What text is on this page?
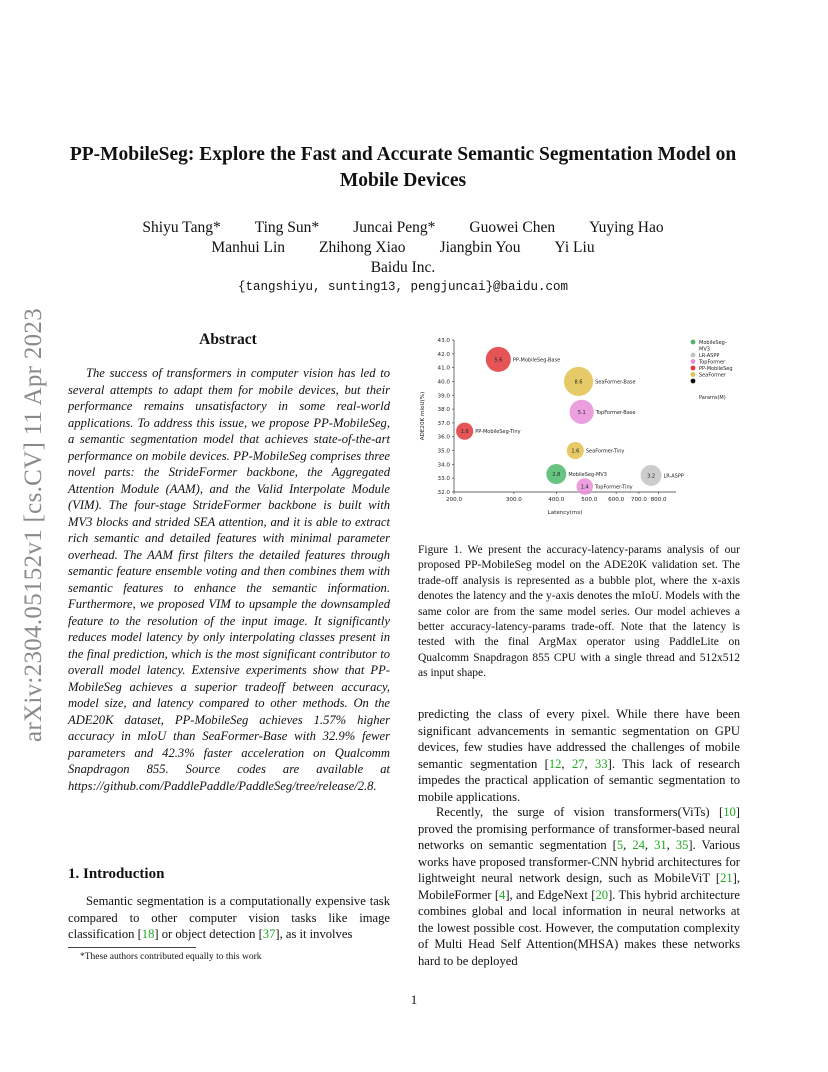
arXiv:2304.05152v1 [cs.CV] 11 Apr 2023
PP-MobileSeg: Explore the Fast and Accurate Semantic Segmentation Model on
Mobile Devices
Shiyu Tang* Ting Sun* Juncai Peng* Guowei Chen Yuying Hao
Manhui Lin Zhihong Xiao Jiangbin You Yi Liu
Baidu Inc.
{tangshiyu, sunting13, pengjuncai}@baidu.com
Abstract
The success of transformers in computer vision has led to several attempts to adapt them for mobile devices, but their performance remains unsatisfactory in some real-world applications. To address this issue, we propose PP-MobileSeg, a semantic segmentation model that achieves state-of-the-art performance on mobile devices. PP-MobileSeg comprises three novel parts: the StrideFormer backbone, the Aggregated Attention Module (AAM), and the Valid Interpolate Module (VIM). The four-stage StrideFormer backbone is built with MV3 blocks and strided SEA attention, and it is able to extract rich semantic and detailed features with minimal parameter overhead. The AAM first filters the detailed features through semantic feature ensemble voting and then combines them with semantic features to enhance the semantic information. Furthermore, we proposed VIM to upsample the downsampled feature to the resolution of the input image. It significantly reduces model latency by only interpolating classes present in the final prediction, which is the most significant contributor to overall model latency. Extensive experiments show that PP-MobileSeg achieves a superior tradeoff between accuracy, model size, and latency compared to other methods. On the ADE20K dataset, PP-MobileSeg achieves 1.57% higher accuracy in mIoU than SeaFormer-Base with 32.9% fewer parameters and 42.3% faster acceleration on Qualcomm Snapdragon 855. Source codes are available at https://github.com/PaddlePaddle/PaddleSeg/tree/release/2.8.
1. Introduction
Semantic segmentation is a computationally expensive task compared to other computer vision tasks like image classification [18] or object detection [37], as it involves
*These authors contributed equally to this work
32.0
33.0
34.0
35.0
36.0
37.0
38.0
39.0
40.0
41.0
42.0
43.0
200.0	300.0	400.0	500.0 600.0 700.0 800.0
Latency(ms)
ADE20K mIoU(%)
5.6 PP-MobileSeg-Base
1.6 PP-MobileSeg-Tiny
8.6	SeaFormer-Base
1.6 SeaFormer-Tiny
5.1 TopFormer-Base
1.4 TopFormer-Tiny
2.8 MobileSeg-MV3	3.2 LR-ASPP
MobileSeg-
MV3
LR-ASPP
TopFormer
PP-MobileSeg
SeaFormer
Params(M)
Figure 1. We present the accuracy-latency-params analysis of our proposed PP-MobileSeg model on the ADE20K validation set. The trade-off analysis is represented as a bubble plot, where the x-axis denotes the latency and the y-axis denotes the mIoU. Models with the same color are from the same model series. Our model achieves a better accuracy-latency-params trade-off. Note that the latency is tested with the final ArgMax operator using PaddleLite on Qualcomm Snapdragon 855 CPU with a single thread and 512x512 as input shape.
predicting the class of every pixel. While there have been significant advancements in semantic segmentation on GPU devices, few studies have addressed the challenges of mobile semantic segmentation [12, 27, 33]. This lack of research impedes the practical application of semantic segmentation to mobile applications.
Recently, the surge of vision transformers(ViTs) [10] proved the promising performance of transformer-based neural networks on semantic segmentation [5, 24, 31, 35]. Various works have proposed transformer-CNN hybrid architectures for lightweight neural network design, such as MobileViT [21], MobileFormer [4], and EdgeNext [20]. This hybrid architecture combines global and local information in neural networks at the lowest possible cost. However, the computation complexity of Multi Head Self Attention(MHSA) makes these networks hard to be deployed
1
